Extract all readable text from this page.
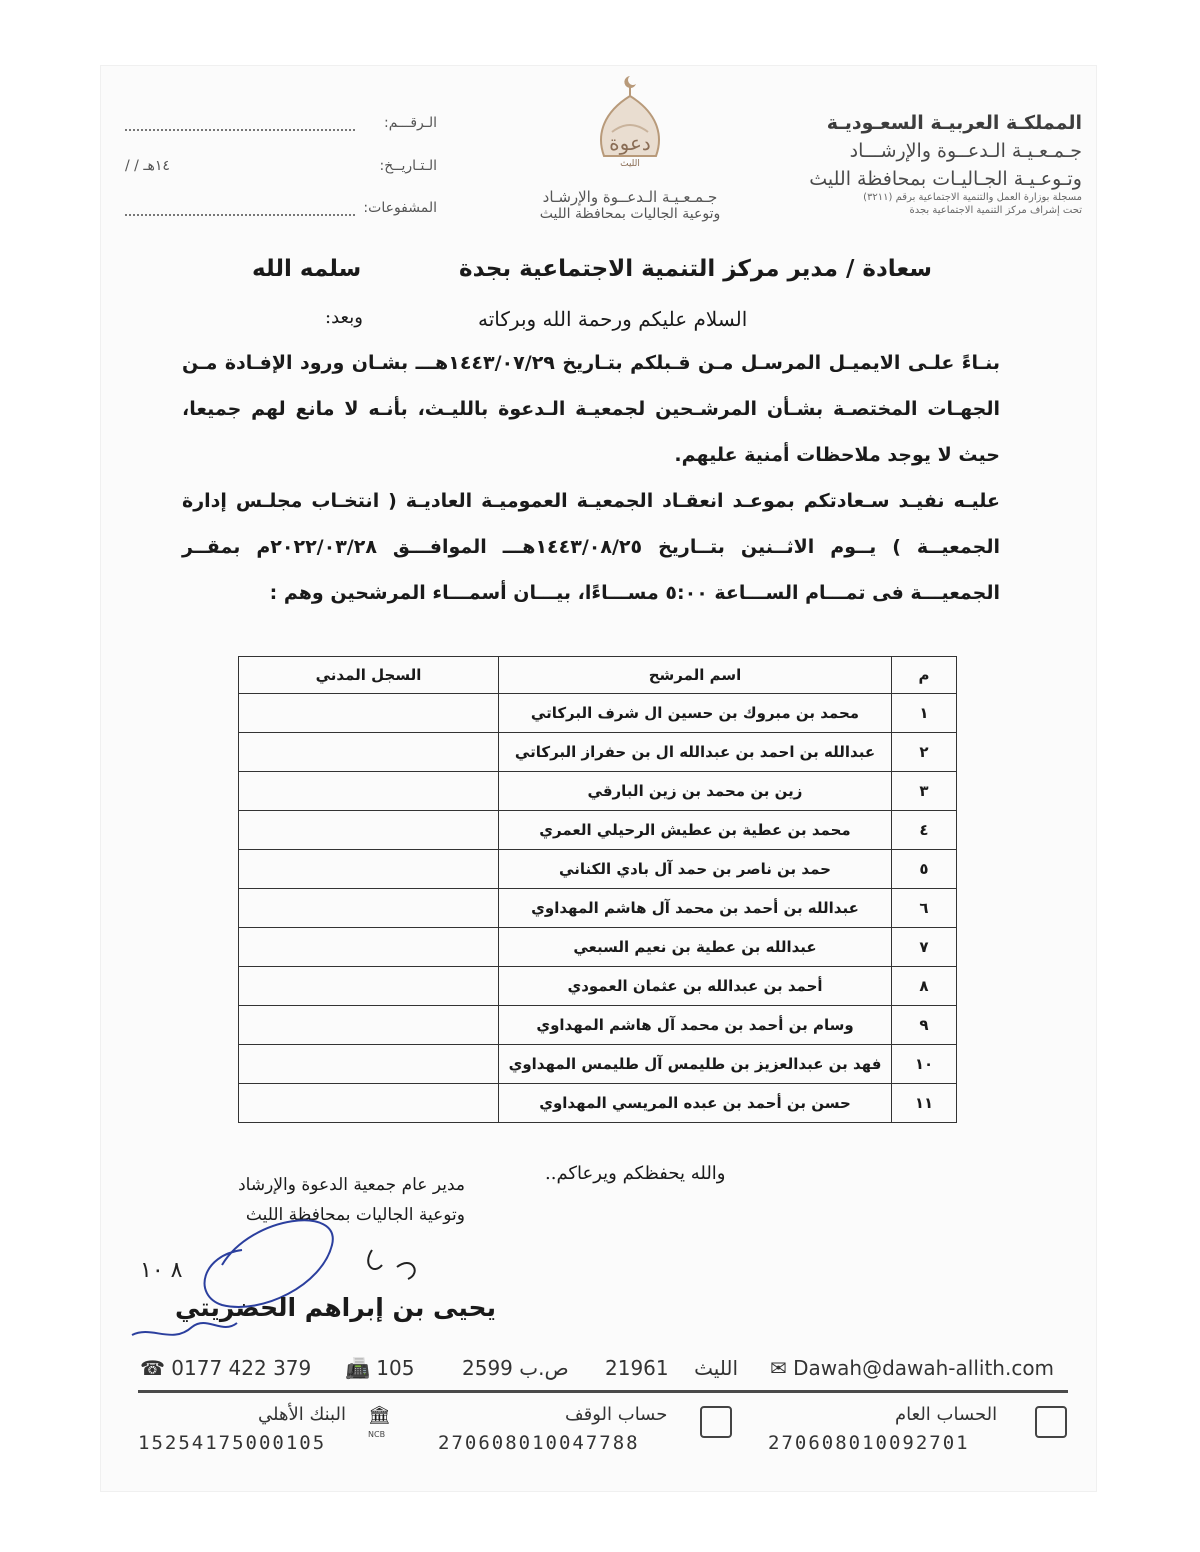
المملكـة العربيـة السعـوديـة
جـمـعـيـة الـدعــوة والإرشـــاد
وتـوعـيـة الجـاليـات بمحافظة الليث
مسجلة بوزارة العمل والتنمية الاجتماعية برقم (٣٢١١)
تحت إشراف مركز التنمية الاجتماعية بجدة
دعوة
الليث
جـمـعـيـة الـدعــوة والإرشـاد
وتوعية الجاليات بمحافظة الليث
الـرقـــم:
الـتـاريــخ:
/ / ١٤هـ
المشفوعات:
سعادة / مدير مركز التنمية الاجتماعية بجدة
سلمه الله
السلام عليكم ورحمة الله وبركاته
وبعد:
بنـاءً علـى الايميـل المرسـل مـن قـبلكم بتـاريخ ١٤٤٣/٠٧/٢٩هـــ بشـان ورود الإفـادة مـن الجهـات المختصـة بشـأن المرشـحين لجمعيـة الـدعوة بالليـث، بأنـه لا مانع لهم جميعا، حيث لا يوجد ملاحظات أمنية عليهم.
عليـه نفيـد سـعادتكم بموعـد انعقـاد الجمعيـة العموميـة العاديـة ( انتخـاب مجلـس إدارة الجمعيــة ) يــوم الاثــنين بتــاريخ ١٤٤٣/٠٨/٢٥هـــ الموافـــق ٢٠٢٢/٠٣/٢٨م بمقــر الجمعيـــة فى تمـــام الســـاعة ٥:٠٠ مســـاءًا، بيـــان أسمـــاء المرشحين وهم :
م	اسم المرشح	السجل المدني
١	محمد بن مبروك بن حسين ال شرف البركاتي	
٢	عبدالله بن احمد بن عبدالله ال بن حفراز البركاتي	
٣	زين بن محمد بن زين البارقي	
٤	محمد بن عطية بن عطيش الرحيلي العمري	
٥	حمد بن ناصر بن حمد آل بادي الكناني	
٦	عبدالله بن أحمد بن محمد آل هاشم المهداوي	
٧	عبدالله بن عطية بن نعيم السبعي	
٨	أحمد بن عبدالله بن عثمان العمودي	
٩	وسام بن أحمد بن محمد آل هاشم المهداوي	
١٠	فهد بن عبدالعزيز بن طليمس آل طليمس المهداوي	
١١	حسن بن أحمد بن عبده المريسي المهداوي	
والله يحفظكم ويرعاكم..
مدير عام جمعية الدعوة والإرشاد
وتوعية الجاليات بمحافظة الليث
٨ ١٠
يحيى بن إبراهم الحضريتي
☎ 0177 422 379 📠 105 2599 ص.ب 21961 الليث ✉ Dawah@dawah-allith.com
الحساب العام
270608010092701
حساب الوقف
270608010047788
🏛
NCB
البنك الأهلي
15254175000105
